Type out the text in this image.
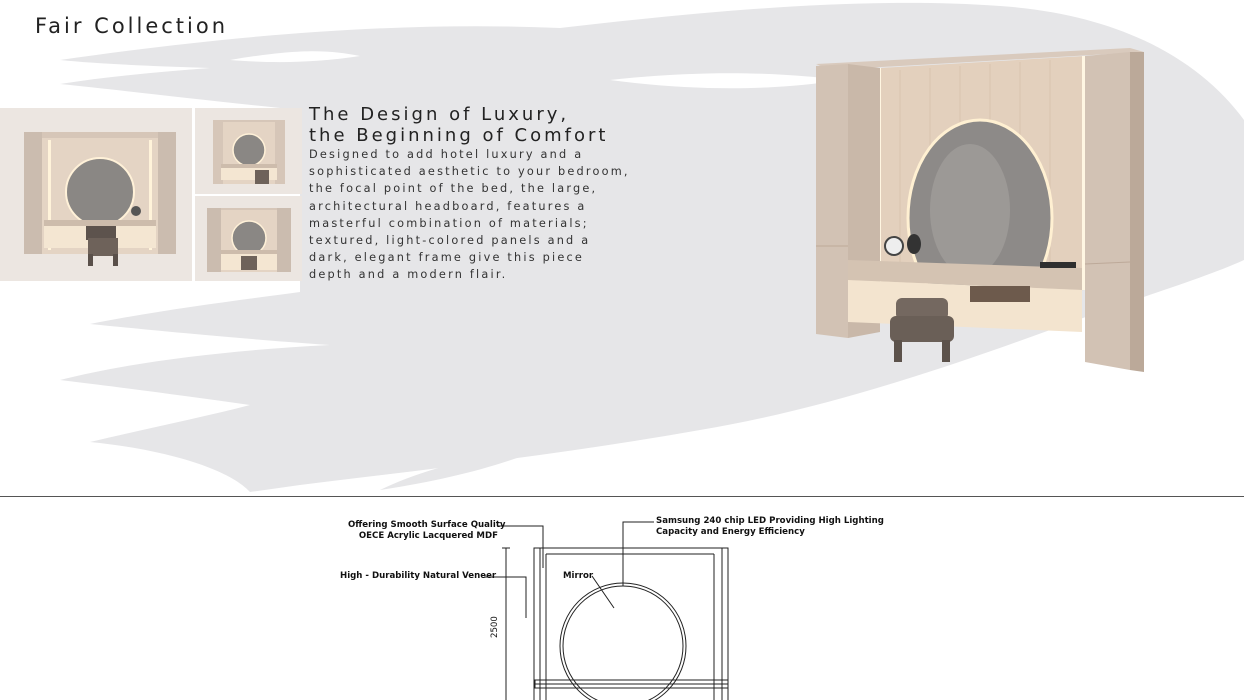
Fair Collection
The Design of Luxury,
the Beginning of Comfort
Designed to add hotel luxury and a
sophisticated aesthetic to your bedroom,
the focal point of the bed, the large,
architectural headboard, features a
masterful combination of materials;
textured, light-colored panels and a
dark, elegant frame give this piece
depth and a modern flair.
Offering Smooth Surface Quality
OECE Acrylic Lacquered MDF
High - Durability Natural Veneer	Mirror
Samsung 240 chip LED Providing High Lighting
Capacity and Energy Efficiency
2500
